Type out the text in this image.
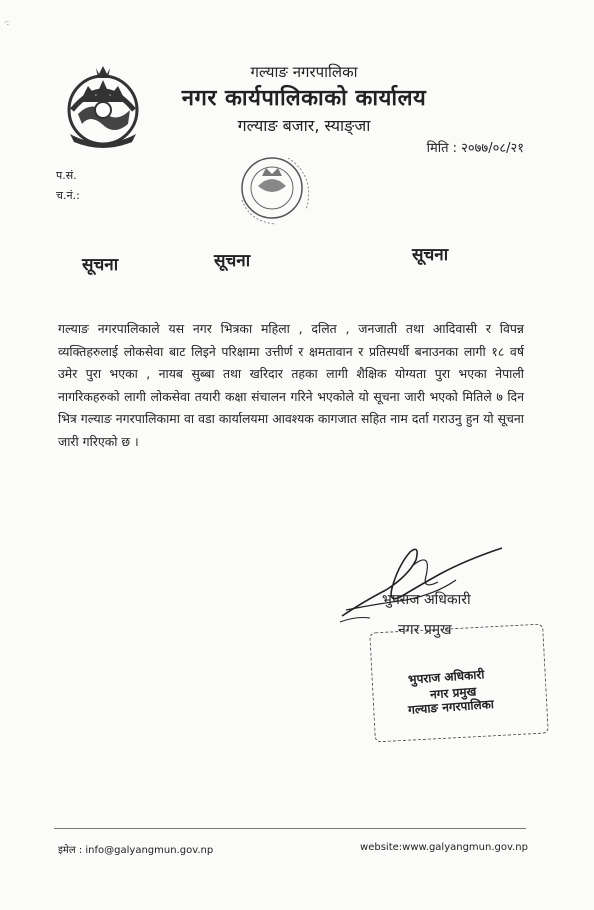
·:
गल्याङ नगरपालिका
नगर कार्यपालिकाको कार्यालय
गल्याङ बजार, स्याङ्जा
मिति : २०७७/०८/२१
प.सं.
च.नं.:
सूचना	सूचना	सूचना
गल्याङ नगरपालिकाले यस नगर भित्रका महिला , दलित , जनजाती तथा आदिवासी र विपन्न व्यक्तिहरुलाई लोकसेवा बाट लिइने परिक्षामा उत्तीर्ण र क्षमतावान र प्रतिस्पर्धी बनाउनका लागी १८ वर्ष उमेर पुरा भएका , नायब सुब्बा तथा खरिदार तहका लागी शैक्षिक योग्यता पुरा भएका नेपाली नागरिकहरुको लागी लोकसेवा तयारी कक्षा संचालन गरिने भएकोले यो सूचना जारी भएको मितिले ७ दिन भित्र गल्याङ नगरपालिकामा वा वडा कार्यालयमा आवश्यक कागजात सहित नाम दर्ता गराउनु हुन यो सूचना जारी गरिएको छ ।
भुपराज अधिकारी
नगर प्रमुख
भुपराज अधिकारी
नगर प्रमुख
गल्याङ नगरपालिका
इमेल : info@galyangmun.gov.np	website:www.galyangmun.gov.np
